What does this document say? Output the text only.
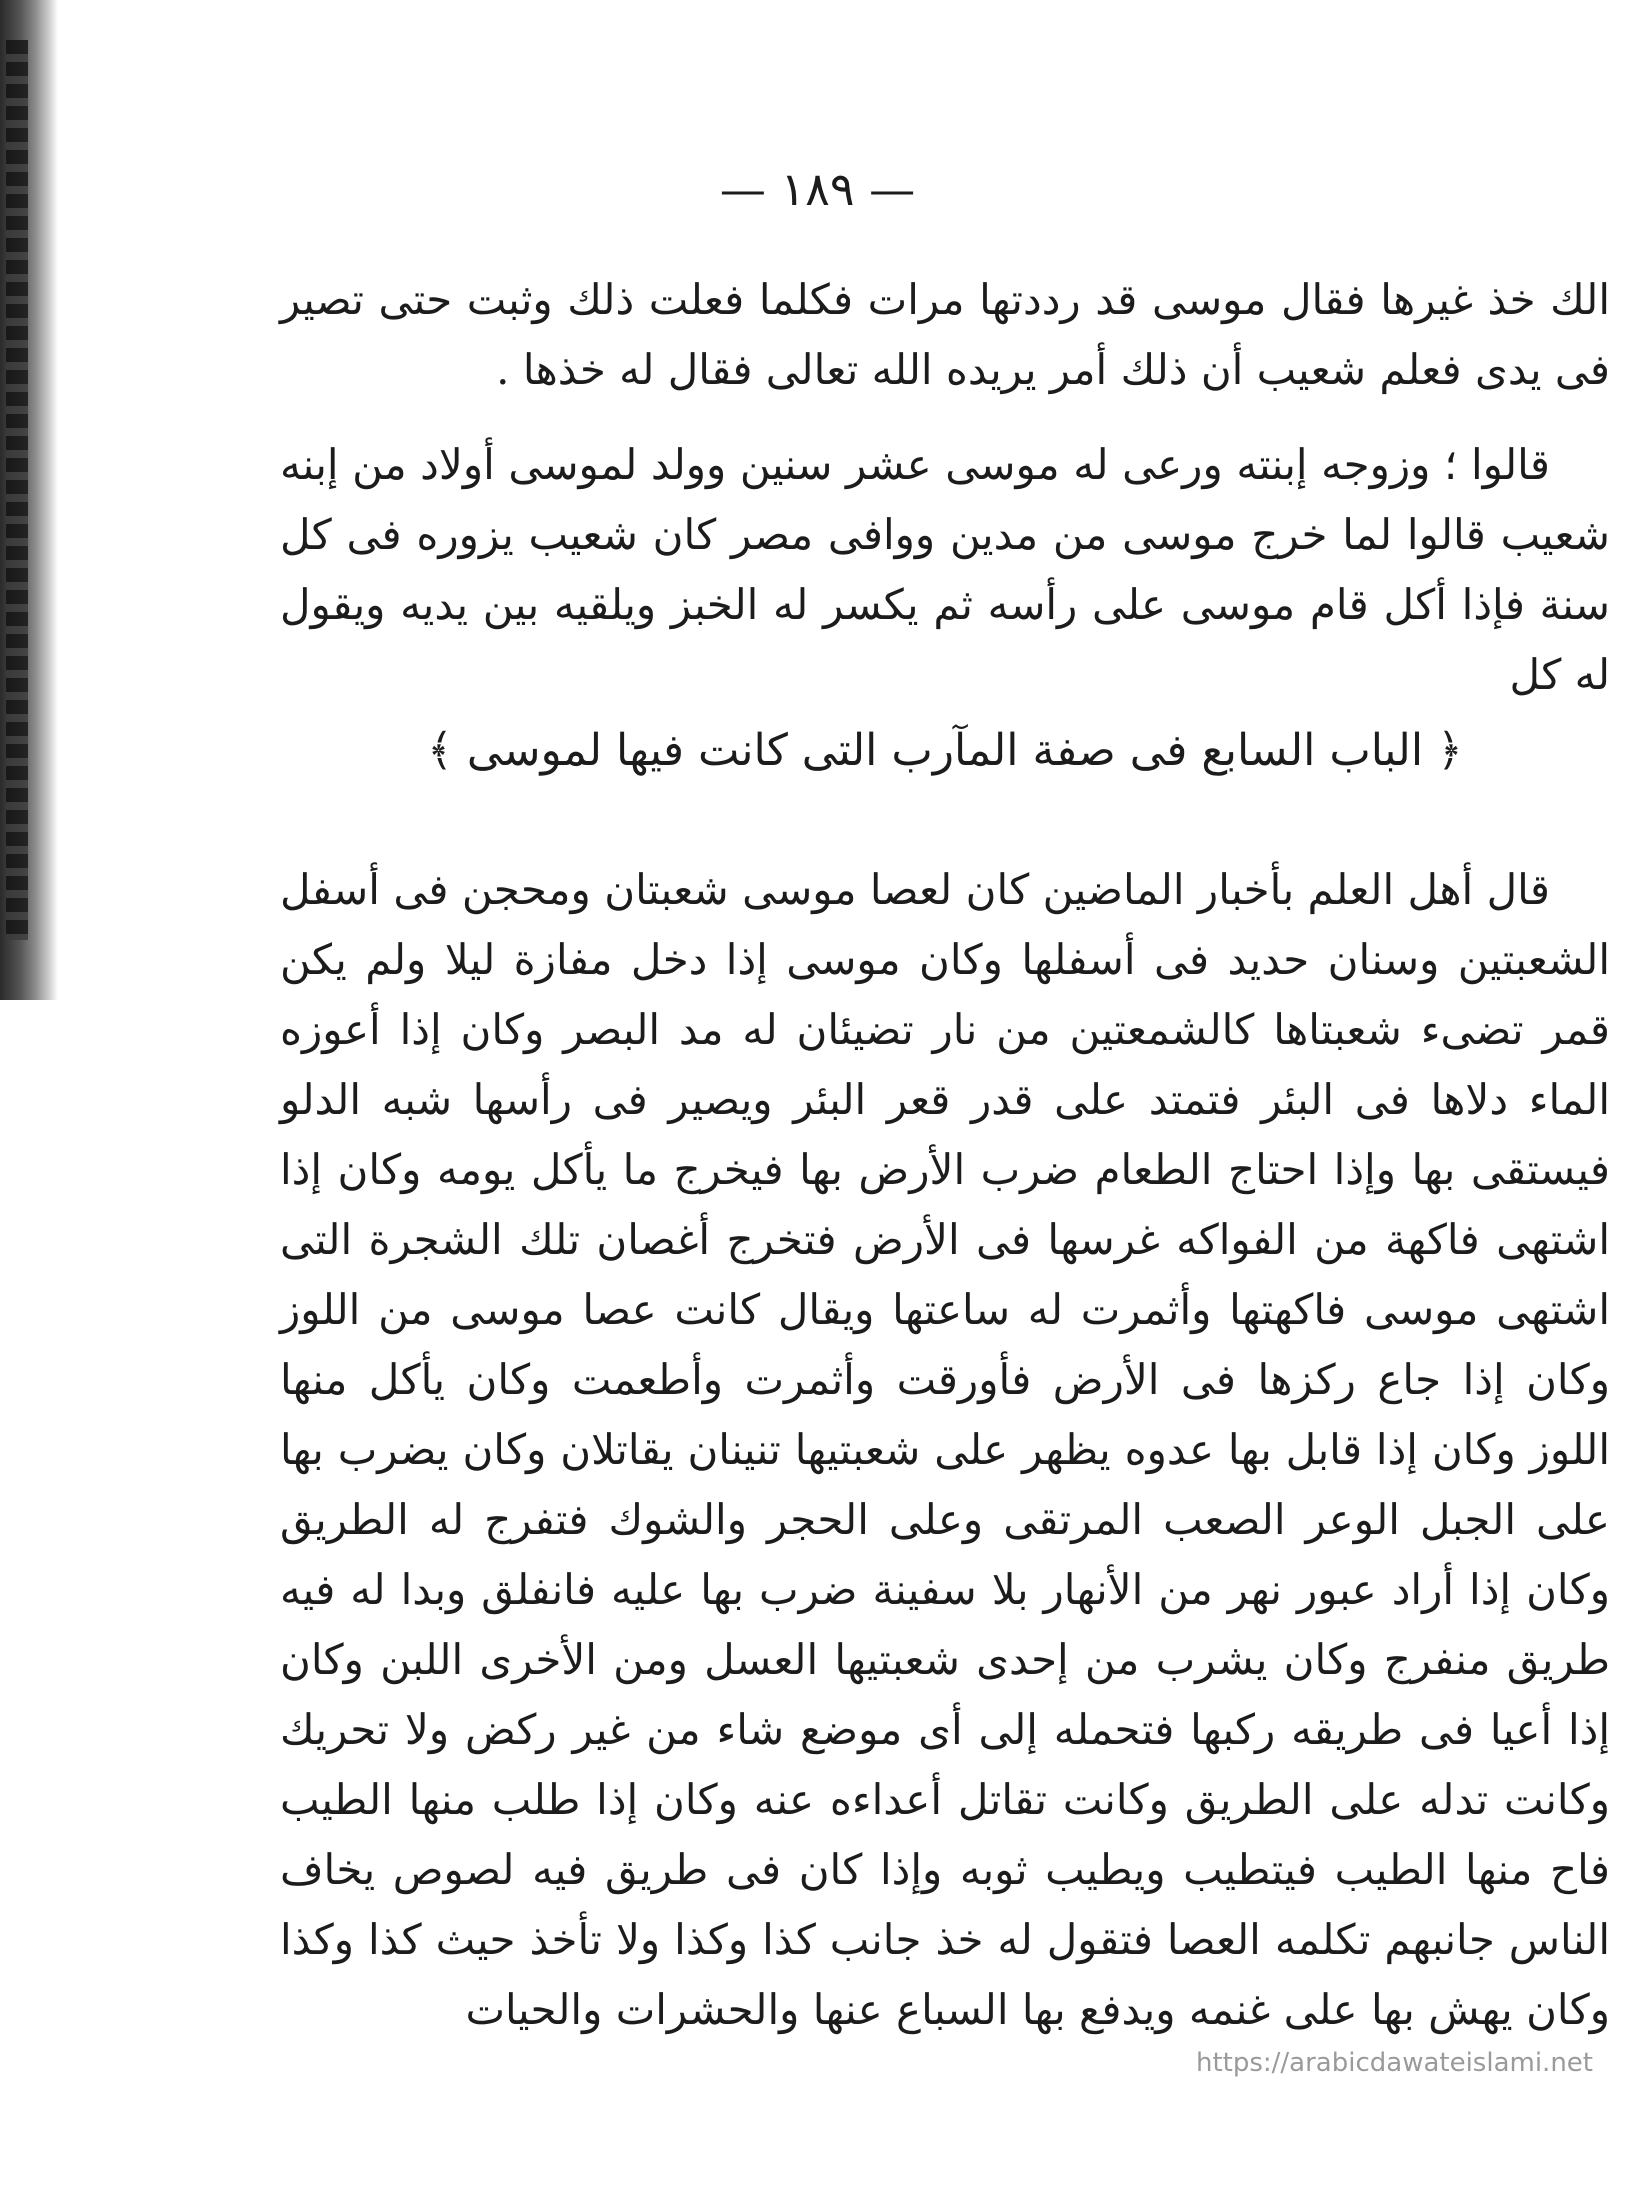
— ١٨٩ —

الك خذ غيرها فقال موسى قد رددتها مرات فكلما فعلت ذلك وثبت حتى تصير فى يدى فعلم شعيب أن ذلك أمر يريده الله تعالى فقال له خذها .

قالوا ؛ وزوجه إبنته ورعى له موسى عشر سنين وولد لموسى أولاد من إبنه شعيب قالوا لما خرج موسى من مدين ووافى مصر كان شعيب يزوره فى كل سنة فإذا أكل قام موسى على رأسه ثم يكسر له الخبز ويلقيه بين يديه ويقول له كل

﴿ الباب السابع فى صفة المآرب التى كانت فيها لموسى ﴾

قال أهل العلم بأخبار الماضين كان لعصا موسى شعبتان ومحجن فى أسفل الشعبتين وسنان حديد فى أسفلها وكان موسى إذا دخل مفازة ليلا ولم يكن قمر تضىء شعبتاها كالشمعتين من نار تضيئان له مد البصر وكان إذا أعوزه الماء دلاها فى البئر فتمتد على قدر قعر البئر ويصير فى رأسها شبه الدلو فيستقى بها وإذا احتاج الطعام ضرب الأرض بها فيخرج ما يأكل يومه وكان إذا اشتهى فاكهة من الفواكه غرسها فى الأرض فتخرج أغصان تلك الشجرة التى اشتهى موسى فاكهتها وأثمرت له ساعتها ويقال كانت عصا موسى من اللوز وكان إذا جاع ركزها فى الأرض فأورقت وأثمرت وأطعمت وكان يأكل منها اللوز وكان إذا قابل بها عدوه يظهر على شعبتيها تنينان يقاتلان وكان يضرب بها على الجبل الوعر الصعب المرتقى وعلى الحجر والشوك فتفرج له الطريق وكان إذا أراد عبور نهر من الأنهار بلا سفينة ضرب بها عليه فانفلق وبدا له فيه طريق منفرج وكان يشرب من إحدى شعبتيها العسل ومن الأخرى اللبن وكان إذا أعيا فى طريقه ركبها فتحمله إلى أى موضع شاء من غير ركض ولا تحريك وكانت تدله على الطريق وكانت تقاتل أعداءه عنه وكان إذا طلب منها الطيب فاح منها الطيب فيتطيب ويطيب ثوبه وإذا كان فى طريق فيه لصوص يخاف الناس جانبهم تكلمه العصا فتقول له خذ جانب كذا وكذا ولا تأخذ حيث كذا وكذا وكان يهش بها على غنمه ويدفع بها السباع عنها والحشرات والحيات

https://arabicdawateislami.net
